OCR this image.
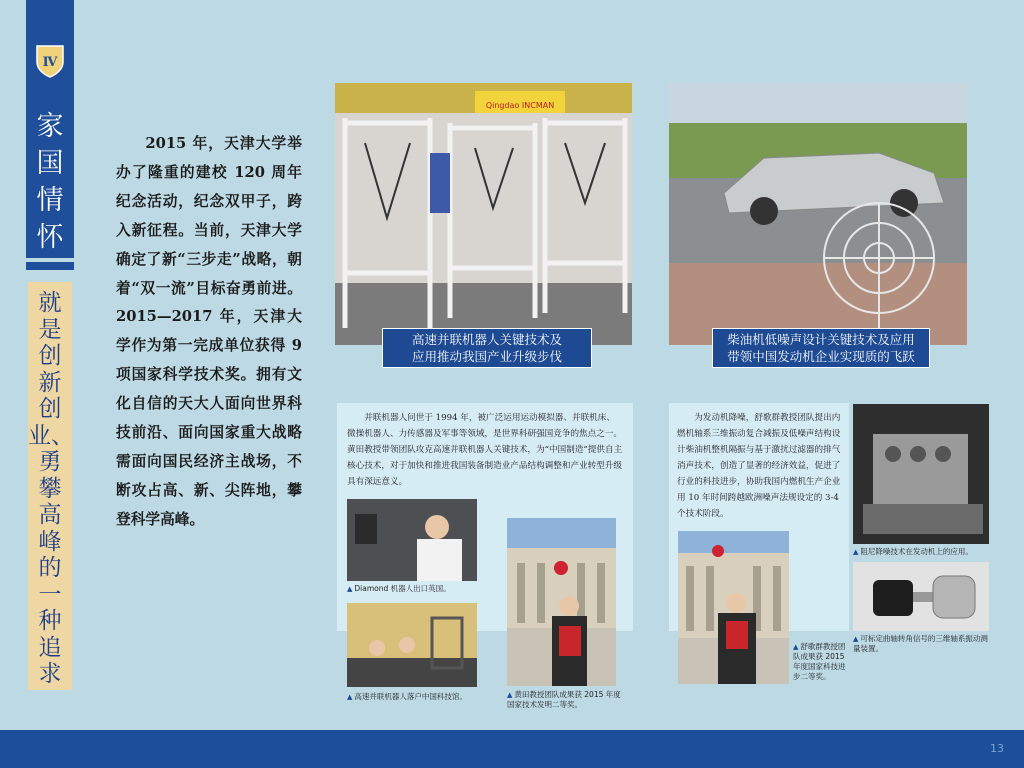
Ⅳ
家国情怀
就是创新创业、勇攀高峰的一种追求

2015 年，天津大学举办了隆重的建校 120 周年纪念活动，纪念双甲子，跨入新征程。当前，天津大学确定了新“三步走”战略，朝着“双一流”目标奋勇前进。2015—2017 年，天津大学作为第一完成单位获得 9 项国家科学技术奖。拥有文化自信的天大人面向世界科技前沿、面向国家重大战略需面向国民经济主战场，不断攻占高、新、尖阵地，攀登科学高峰。

Qingdao INCMAN
高速并联机器人关键技术及
应用推动我国产业升级步伐
柴油机低噪声设计关键技术及应用
带领中国发动机企业实现质的飞跃

并联机器人问世于 1994 年，被广泛运用运动模拟器、并联机床、微操机器人、力传感器及军事等领域，是世界科研强国竞争的焦点之一。黄田教授带领团队攻克高速并联机器人关键技术，为“中国制造”提供自主核心技术，对于加快和推进我国装备制造业产品结构调整和产业转型升级具有深远意义。

▲ Diamond 机器人出口英国。
▲ 高速并联机器人落户中国科技馆。
▲	黄田教授团队成果获 2015 年度国家技术发明二等奖。

为发动机降噪，舒歌群教授团队提出内燃机轴系三维振动复合减振及低噪声结构设计柴油机整机隔振与基于激扰过滤器的排气消声技术，创造了显著的经济效益，促进了行业的科技进步，协助我国内燃机生产企业用 10 年时间跨越欧洲噪声法规设定的 3-4 个技术阶段。

▲ 舒歌群教授团队成果获 2015 年度国家科技进步二等奖。
▲ 阻尼降噪技术在发动机上的应用。
▲ 可标定曲轴转角信号的三维轴系振动测量装置。
13
